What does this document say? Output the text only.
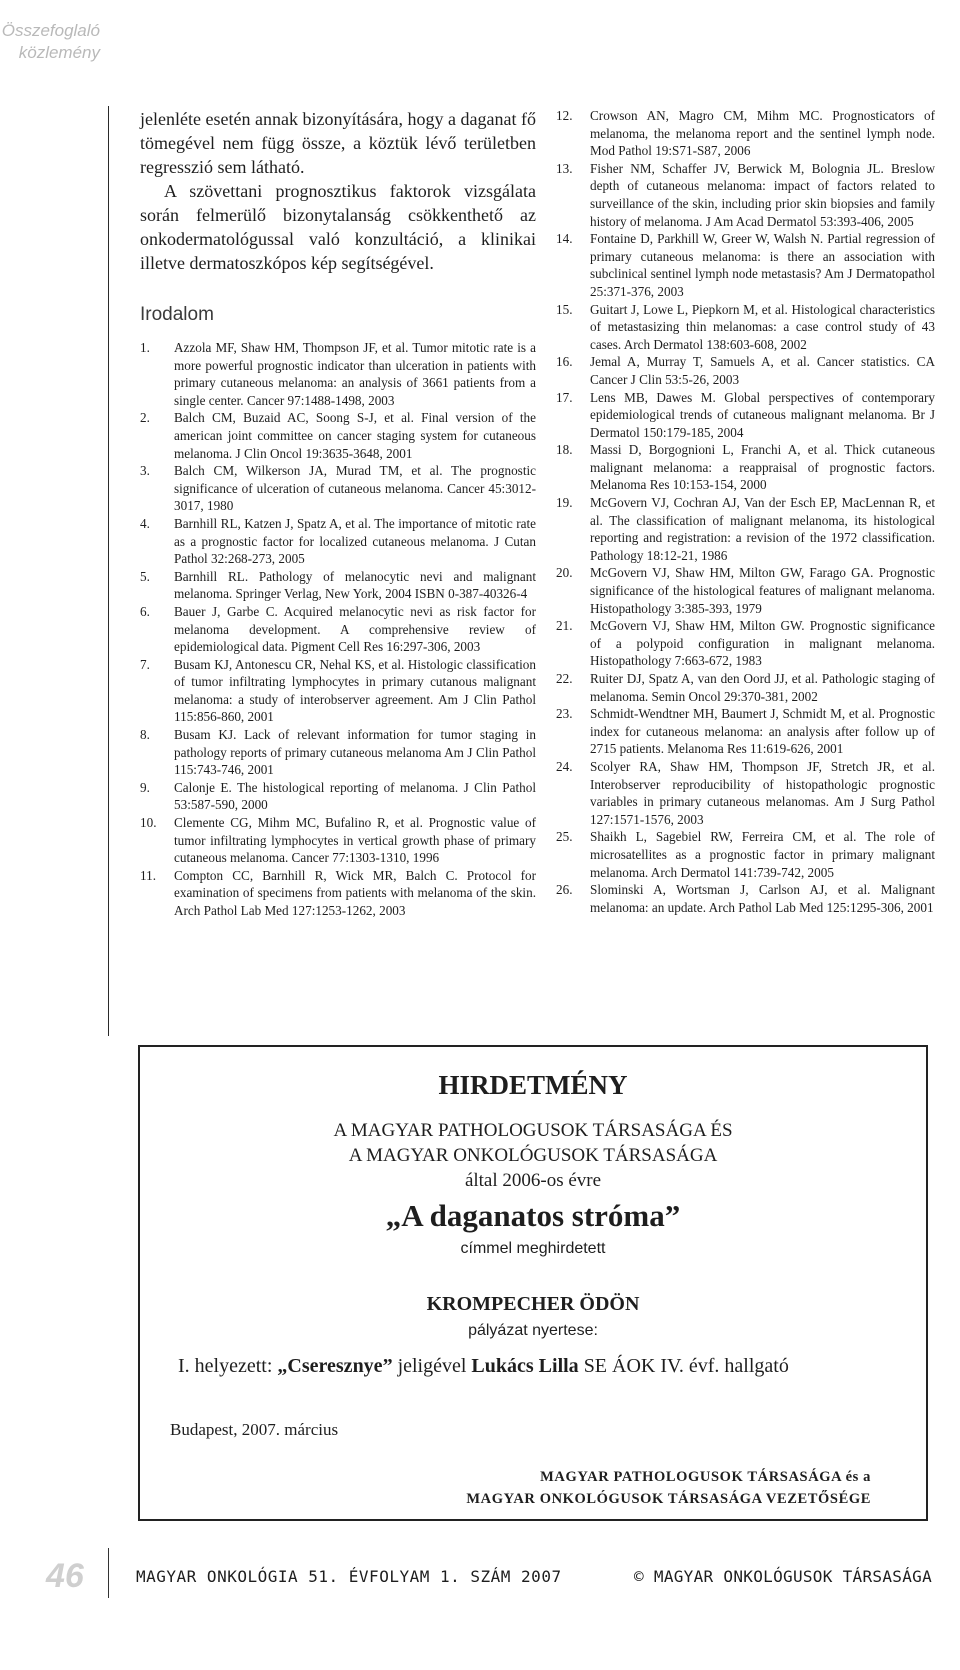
Összefoglaló
közlemény

jelenléte esetén annak bizonyítására, hogy a daganat fő tömegével nem függ össze, a köztük lévő területben regresszió sem látható.

A szövettani prognosztikus faktorok vizsgálata során felmerülő bizonytalanság csökkenthető az onkodermatológussal való konzultáció, a klinikai illetve dermatoszkópos kép segítségével.

Irodalom
1.	Azzola MF, Shaw HM, Thompson JF, et al. Tumor mitotic rate is a more powerful prognostic indicator than ulceration in patients with primary cutaneous melanoma: an analysis of 3661 patients from a single center. Cancer 97:1488-1498, 2003
2.	Balch CM, Buzaid AC, Soong S-J, et al. Final version of the american joint committee on cancer staging system for cutaneous melanoma. J Clin Oncol 19:3635-3648, 2001
3.	Balch CM, Wilkerson JA, Murad TM, et al. The prognostic significance of ulceration of cutaneous melanoma. Cancer 45:3012-3017, 1980
4.	Barnhill RL, Katzen J, Spatz A, et al. The importance of mitotic rate as a prognostic factor for localized cutaneous melanoma. J Cutan Pathol 32:268-273, 2005
5.	Barnhill RL. Pathology of melanocytic nevi and malignant melanoma. Springer Verlag, New York, 2004 ISBN 0-387-40326-4
6.	Bauer J, Garbe C. Acquired melanocytic nevi as risk factor for melanoma development. A comprehensive review of epidemiological data. Pigment Cell Res 16:297-306, 2003
7.	Busam KJ, Antonescu CR, Nehal KS, et al. Histologic classification of tumor infiltrating lymphocytes in primary cutanous malignant melanoma: a study of interobserver agreement. Am J Clin Pathol 115:856-860, 2001
8.	Busam KJ. Lack of relevant information for tumor staging in pathology reports of primary cutaneous melanoma Am J Clin Pathol 115:743-746, 2001
9.	Calonje E. The histological reporting of melanoma. J Clin Pathol 53:587-590, 2000
10.	Clemente CG, Mihm MC, Bufalino R, et al. Prognostic value of tumor infiltrating lymphocytes in vertical growth phase of primary cutaneous melanoma. Cancer 77:1303-1310, 1996
11.	Compton CC, Barnhill R, Wick MR, Balch C. Protocol for examination of specimens from patients with melanoma of the skin. Arch Pathol Lab Med 127:1253-1262, 2003
12.	Crowson AN, Magro CM, Mihm MC. Prognosticators of melanoma, the melanoma report and the sentinel lymph node. Mod Pathol 19:S71-S87, 2006
13.	Fisher NM, Schaffer JV, Berwick M, Bolognia JL. Breslow depth of cutaneous melanoma: impact of factors related to surveillance of the skin, including prior skin biopsies and family history of melanoma. J Am Acad Dermatol 53:393-406, 2005
14.	Fontaine D, Parkhill W, Greer W, Walsh N. Partial regression of primary cutaneous melanoma: is there an association with subclinical sentinel lymph node metastasis? Am J Dermatopathol 25:371-376, 2003
15.	Guitart J, Lowe L, Piepkorn M, et al. Histological characteristics of metastasizing thin melanomas: a case control study of 43 cases. Arch Dermatol 138:603-608, 2002
16.	Jemal A, Murray T, Samuels A, et al. Cancer statistics. CA Cancer J Clin 53:5-26, 2003
17.	Lens MB, Dawes M. Global perspectives of contemporary epidemiological trends of cutaneous malignant melanoma. Br J Dermatol 150:179-185, 2004
18.	Massi D, Borgognioni L, Franchi A, et al. Thick cutaneous malignant melanoma: a reappraisal of prognostic factors. Melanoma Res 10:153-154, 2000
19.	McGovern VJ, Cochran AJ, Van der Esch EP, MacLennan R, et al. The classification of malignant melanoma, its histological reporting and registration: a revision of the 1972 classification. Pathology 18:12-21, 1986
20.	McGovern VJ, Shaw HM, Milton GW, Farago GA. Prognostic significance of the histological features of malignant melanoma. Histopathology 3:385-393, 1979
21.	McGovern VJ, Shaw HM, Milton GW. Prognostic significance of a polypoid configuration in malignant melanoma. Histopathology 7:663-672, 1983
22.	Ruiter DJ, Spatz A, van den Oord JJ, et al. Pathologic staging of melanoma. Semin Oncol 29:370-381, 2002
23.	Schmidt-Wendtner MH, Baumert J, Schmidt M, et al. Prognostic index for cutaneous melanoma: an analysis after follow up of 2715 patients. Melanoma Res 11:619-626, 2001
24.	Scolyer RA, Shaw HM, Thompson JF, Stretch JR, et al. Interobserver reproducibility of histopathologic prognostic variables in primary cutaneous melanomas. Am J Surg Pathol 127:1571-1576, 2003
25.	Shaikh L, Sagebiel RW, Ferreira CM, et al. The role of microsatellites as a prognostic factor in primary malignant melanoma. Arch Dermatol 141:739-742, 2005
26.	Slominski A, Wortsman J, Carlson AJ, et al. Malignant melanoma: an update. Arch Pathol Lab Med 125:1295-306, 2001
HIRDETMÉNY
A MAGYAR PATHOLOGUSOK TÁRSASÁGA ÉS
A MAGYAR ONKOLÓGUSOK TÁRSASÁGA
által 2006-os évre
„A daganatos stróma”
címmel meghirdetett
KROMPECHER ÖDÖN
pályázat nyertese:
I. helyezett: „Cseresznye” jeligével Lukács Lilla SE ÁOK IV. évf. hallgató
Budapest, 2007. március
MAGYAR PATHOLOGUSOK TÁRSASÁGA és a
MAGYAR ONKOLÓGUSOK TÁRSASÁGA VEZETŐSÉGE
46	MAGYAR ONKOLÓGIA 51. ÉVFOLYAM 1. SZÁM 2007	© MAGYAR ONKOLÓGUSOK TÁRSASÁGA
